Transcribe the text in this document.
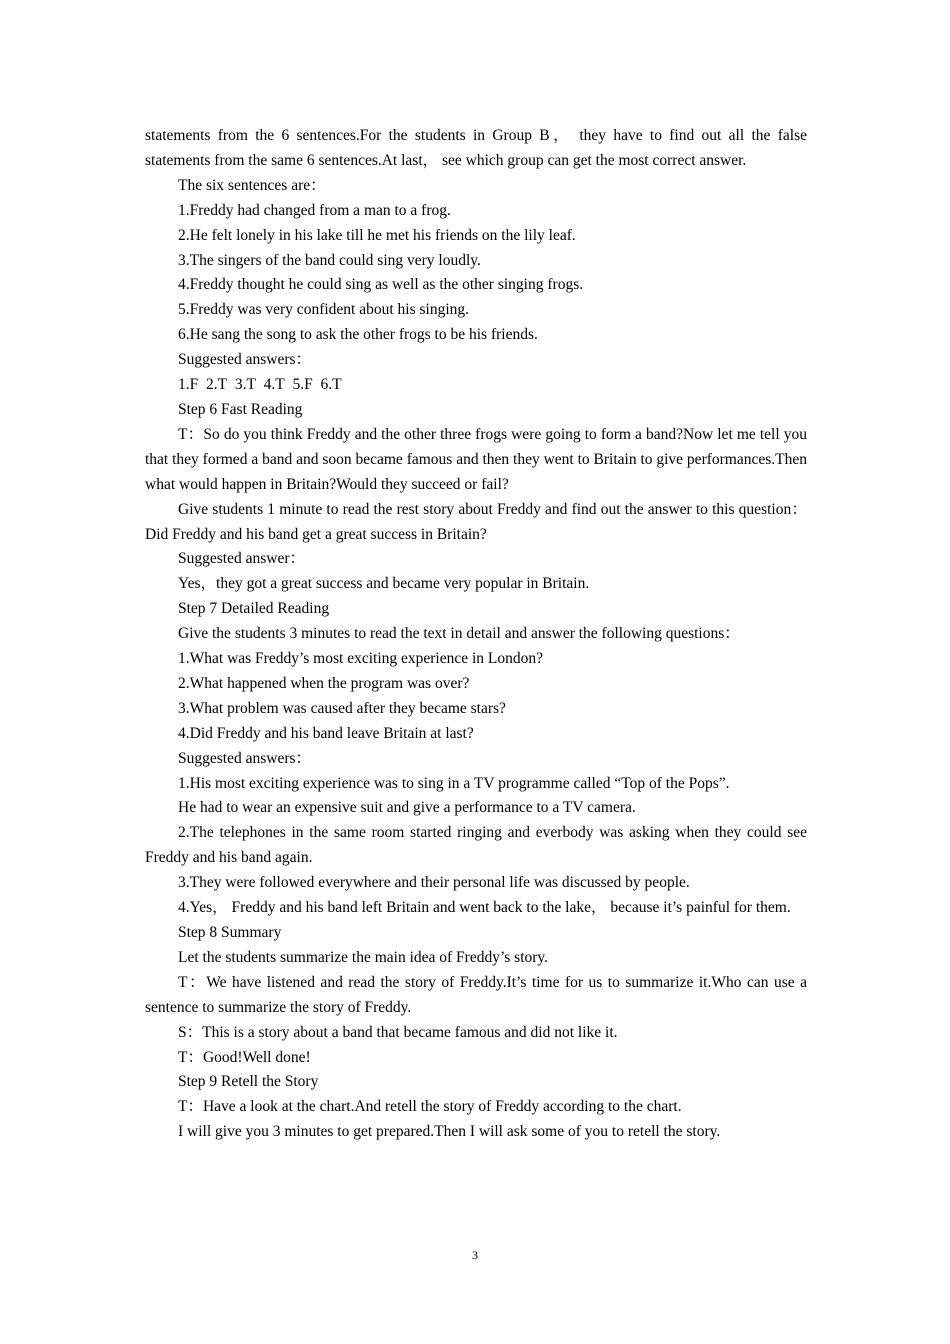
statements from the 6 sentences.For the students in Group B， they have to find out all the false statements from the same 6 sentences.At last， see which group can get the most correct answer.

The six sentences are：

1.Freddy had changed from a man to a frog.

2.He felt lonely in his lake till he met his friends on the lily leaf.

3.The singers of the band could sing very loudly.

4.Freddy thought he could sing as well as the other singing frogs.

5.Freddy was very confident about his singing.

6.He sang the song to ask the other frogs to be his friends.

Suggested answers：

1.F  2.T  3.T  4.T  5.F  6.T

Step 6 Fast Reading

T：So do you think Freddy and the other three frogs were going to form a band?Now let me tell you that they formed a band and soon became famous and then they went to Britain to give performances.Then what would happen in Britain?Would they succeed or fail?

Give students 1 minute to read the rest story about Freddy and find out the answer to this question：Did Freddy and his band get a great success in Britain?

Suggested answer：

Yes，they got a great success and became very popular in Britain.

Step 7 Detailed Reading

Give the students 3 minutes to read the text in detail and answer the following questions：

1.What was Freddy’s most exciting experience in London?

2.What happened when the program was over?

3.What problem was caused after they became stars?

4.Did Freddy and his band leave Britain at last?

Suggested answers：

1.His most exciting experience was to sing in a TV programme called “Top of the Pops”.

He had to wear an expensive suit and give a performance to a TV camera.

2.The telephones in the same room started ringing and everbody was asking when they could see Freddy and his band again.

3.They were followed everywhere and their personal life was discussed by people.

4.Yes， Freddy and his band left Britain and went back to the lake， because it’s painful for them.

Step 8 Summary

Let the students summarize the main idea of Freddy’s story.

T：We have listened and read the story of Freddy.It’s time for us to summarize it.Who can use a sentence to summarize the story of Freddy.

S：This is a story about a band that became famous and did not like it.

T：Good!Well done!

Step 9 Retell the Story

T：Have a look at the chart.And retell the story of Freddy according to the chart.

I will give you 3 minutes to get prepared.Then I will ask some of you to retell the story.

3
